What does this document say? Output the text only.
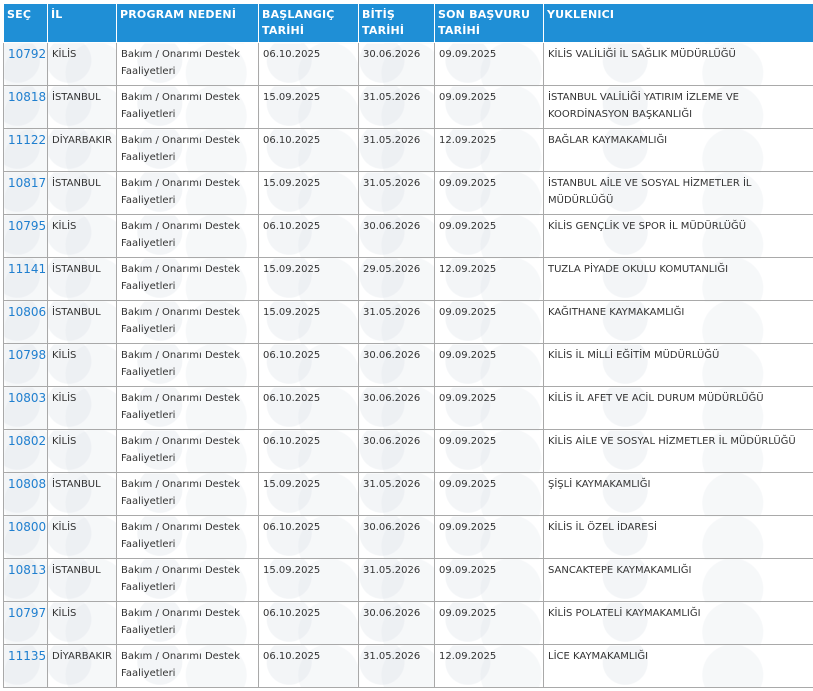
SEÇ	İL	PROGRAM NEDENİ	BAŞLANGIÇ TARİHİ	BİTİŞ TARİHİ	SON BAŞVURU TARİHİ	YUKLENICI
10792	KİLİS	Bakım / Onarımı Destek Faaliyetleri	06.10.2025	30.06.2026	09.09.2025	KİLİS VALİLİĞİ İL SAĞLIK MÜDÜRLÜĞÜ
10818	İSTANBUL	Bakım / Onarımı Destek Faaliyetleri	15.09.2025	31.05.2026	09.09.2025	İSTANBUL VALİLİĞİ YATIRIM İZLEME VE KOORDİNASYON BAŞKANLIĞI
11122	DİYARBAKIR	Bakım / Onarımı Destek Faaliyetleri	06.10.2025	31.05.2026	12.09.2025	BAĞLAR KAYMAKAMLIĞI
10817	İSTANBUL	Bakım / Onarımı Destek Faaliyetleri	15.09.2025	31.05.2026	09.09.2025	İSTANBUL AİLE VE SOSYAL HİZMETLER İL MÜDÜRLÜĞÜ
10795	KİLİS	Bakım / Onarımı Destek Faaliyetleri	06.10.2025	30.06.2026	09.09.2025	KİLİS GENÇLİK VE SPOR İL MÜDÜRLÜĞÜ
11141	İSTANBUL	Bakım / Onarımı Destek Faaliyetleri	15.09.2025	29.05.2026	12.09.2025	TUZLA PİYADE OKULU KOMUTANLIĞI
10806	İSTANBUL	Bakım / Onarımı Destek Faaliyetleri	15.09.2025	31.05.2026	09.09.2025	KAĞITHANE KAYMAKAMLIĞI
10798	KİLİS	Bakım / Onarımı Destek Faaliyetleri	06.10.2025	30.06.2026	09.09.2025	KİLİS İL MİLLİ EĞİTİM MÜDÜRLÜĞÜ
10803	KİLİS	Bakım / Onarımı Destek Faaliyetleri	06.10.2025	30.06.2026	09.09.2025	KİLİS İL AFET VE ACİL DURUM MÜDÜRLÜĞÜ
10802	KİLİS	Bakım / Onarımı Destek Faaliyetleri	06.10.2025	30.06.2026	09.09.2025	KİLİS AİLE VE SOSYAL HİZMETLER İL MÜDÜRLÜĞÜ
10808	İSTANBUL	Bakım / Onarımı Destek Faaliyetleri	15.09.2025	31.05.2026	09.09.2025	ŞİŞLİ KAYMAKAMLIĞI
10800	KİLİS	Bakım / Onarımı Destek Faaliyetleri	06.10.2025	30.06.2026	09.09.2025	KİLİS İL ÖZEL İDARESİ
10813	İSTANBUL	Bakım / Onarımı Destek Faaliyetleri	15.09.2025	31.05.2026	09.09.2025	SANCAKTEPE KAYMAKAMLIĞI
10797	KİLİS	Bakım / Onarımı Destek Faaliyetleri	06.10.2025	30.06.2026	09.09.2025	KİLİS POLATELİ KAYMAKAMLIĞI
11135	DİYARBAKIR	Bakım / Onarımı Destek Faaliyetleri	06.10.2025	31.05.2026	12.09.2025	LİCE KAYMAKAMLIĞI
